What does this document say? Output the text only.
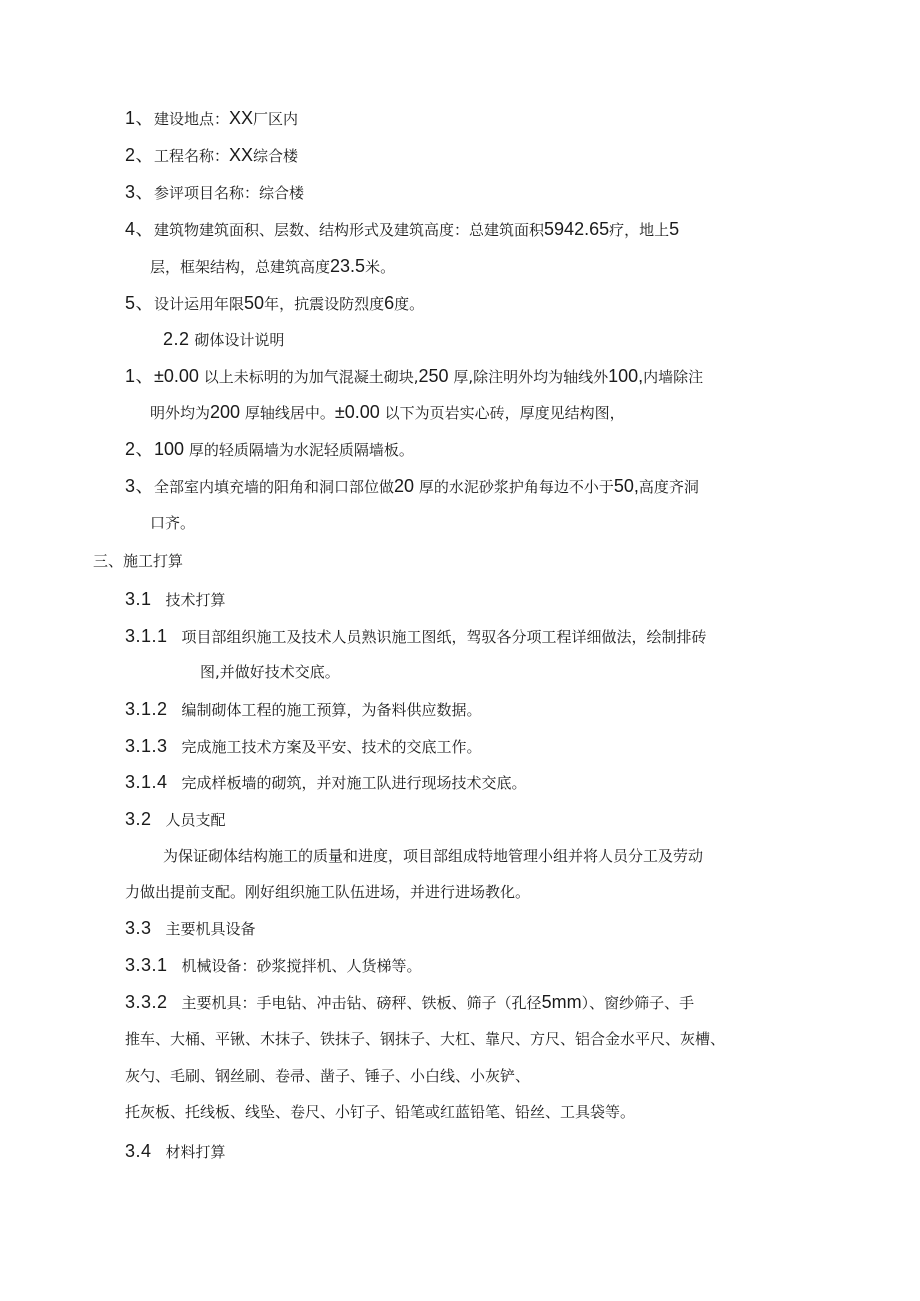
1、建设地点：XX厂区内
2、工程名称：XX综合楼
3、参评项目名称：综合楼
4、建筑物建筑面积、层数、结构形式及建筑高度：总建筑面积5942.65疗，地上5
层，框架结构，总建筑高度23.5米。
5、设计运用年限50年，抗震设防烈度6度。
2.2 砌体设计说明
1、±0.00 以上未标明的为加气混凝土砌块,250 厚,除注明外均为轴线外100,内墙除注
明外均为200 厚轴线居中。±0.00 以下为页岩实心砖，厚度见结构图，
2、100 厚的轻质隔墙为水泥轻质隔墙板。
3、全部室内填充墙的阳角和洞口部位做20 厚的水泥砂浆护角每边不小于50,高度齐洞
口齐。
三、施工打算
3.1 技术打算
3.1.1 项目部组织施工及技术人员熟识施工图纸，驾驭各分项工程详细做法，绘制排砖
图,并做好技术交底。
3.1.2 编制砌体工程的施工预算，为备料供应数据。
3.1.3 完成施工技术方案及平安、技术的交底工作。
3.1.4 完成样板墙的砌筑，并对施工队进行现场技术交底。
3.2 人员支配
为保证砌体结构施工的质量和进度，项目部组成特地管理小组并将人员分工及劳动
力做出提前支配。刚好组织施工队伍进场，并进行进场教化。
3.3 主要机具设备
3.3.1 机械设备：砂浆搅拌机、人货梯等。
3.3.2 主要机具：手电钻、冲击钻、磅秤、铁板、筛子（孔径5mm）、窗纱筛子、手
推车、大桶、平锹、木抹子、铁抹子、钢抹子、大杠、靠尺、方尺、铝合金水平尺、灰槽、
灰勺、毛刷、钢丝刷、卷帚、凿子、锤子、小白线、小灰铲、
托灰板、托线板、线坠、卷尺、小钉子、铅笔或红蓝铅笔、铅丝、工具袋等。
3.4 材料打算
